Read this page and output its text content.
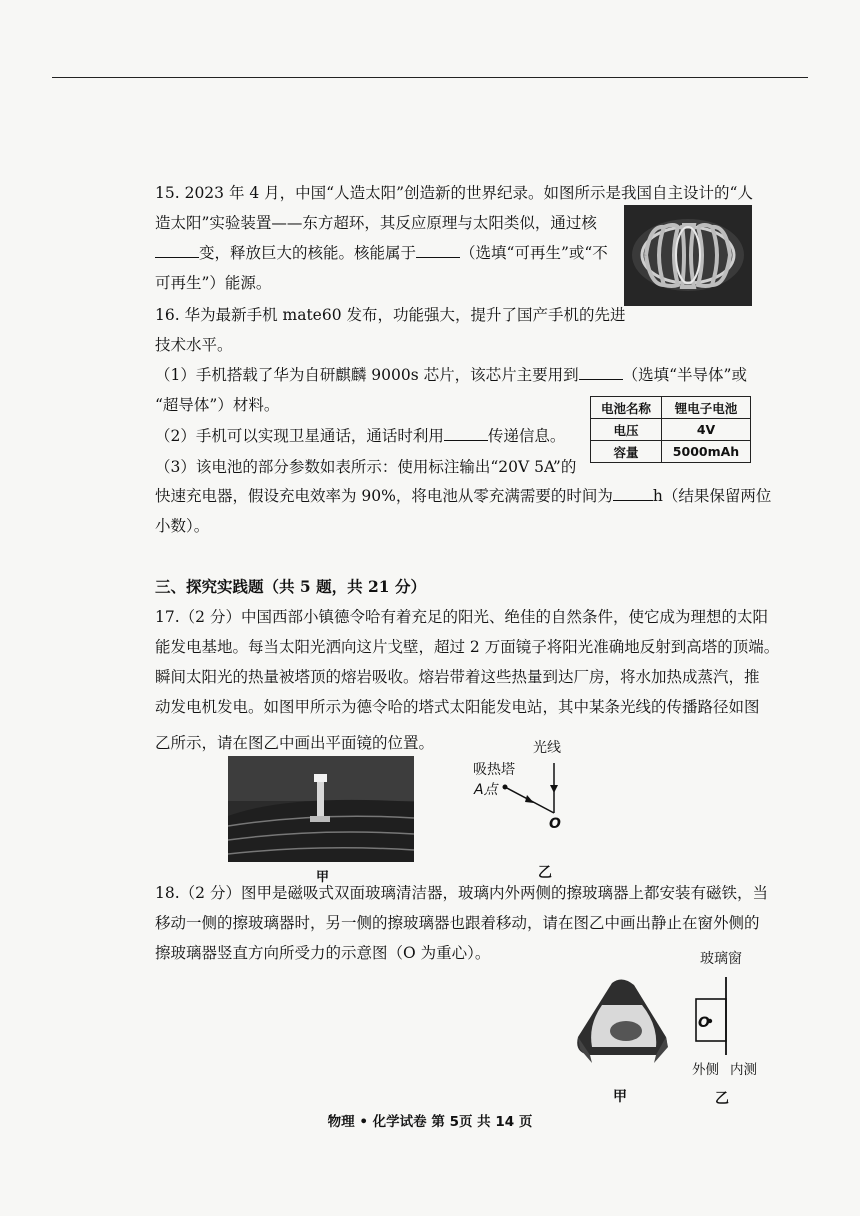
15. 2023 年 4 月，中国“人造太阳”创造新的世界纪录。如图所示是我国自主设计的“人
造太阳”实验装置——东方超环，其反应原理与太阳类似，通过核
变，释放巨大的核能。核能属于	（选填“可再生”或“不
可再生”）能源。
16. 华为最新手机 mate60 发布，功能强大，提升了国产手机的先进
技术水平。
（1）手机搭载了华为自研麒麟 9000s 芯片，该芯片主要用到	（选填“半导体”或
“超导体”）材料。
（2）手机可以实现卫星通话，通话时利用	传递信息。
（3）该电池的部分参数如表所示：使用标注输出“20V 5A”的
快速充电器，假设充电效率为 90%，将电池从零充满需要的时间为	h（结果保留两位
小数）。
电池名称	锂电子电池
电压	4V
容量	5000mAh
三、探究实践题（共 5 题，共 21 分）
17.（2 分）中国西部小镇德令哈有着充足的阳光、绝佳的自然条件，使它成为理想的太阳
能发电基地。每当太阳光洒向这片戈壁，超过 2 万面镜子将阳光准确地反射到高塔的顶端。
瞬间太阳光的热量被塔顶的熔岩吸收。熔岩带着这些热量到达厂房，将水加热成蒸汽，推
动发电机发电。如图甲所示为德令哈的塔式太阳能发电站，其中某条光线的传播路径如图
乙所示，请在图乙中画出平面镜的位置。
甲
光线
吸热塔
A点
O
乙
18.（2 分）图甲是磁吸式双面玻璃清洁器，玻璃内外两侧的擦玻璃器上都安装有磁铁，当
移动一侧的擦玻璃器时，另一侧的擦玻璃器也跟着移动，请在图乙中画出静止在窗外侧的
擦玻璃器竖直方向所受力的示意图（O 为重心）。
甲
玻璃窗
O
外侧 内测
乙
物理 • 化学试卷 第 5页 共 14 页
